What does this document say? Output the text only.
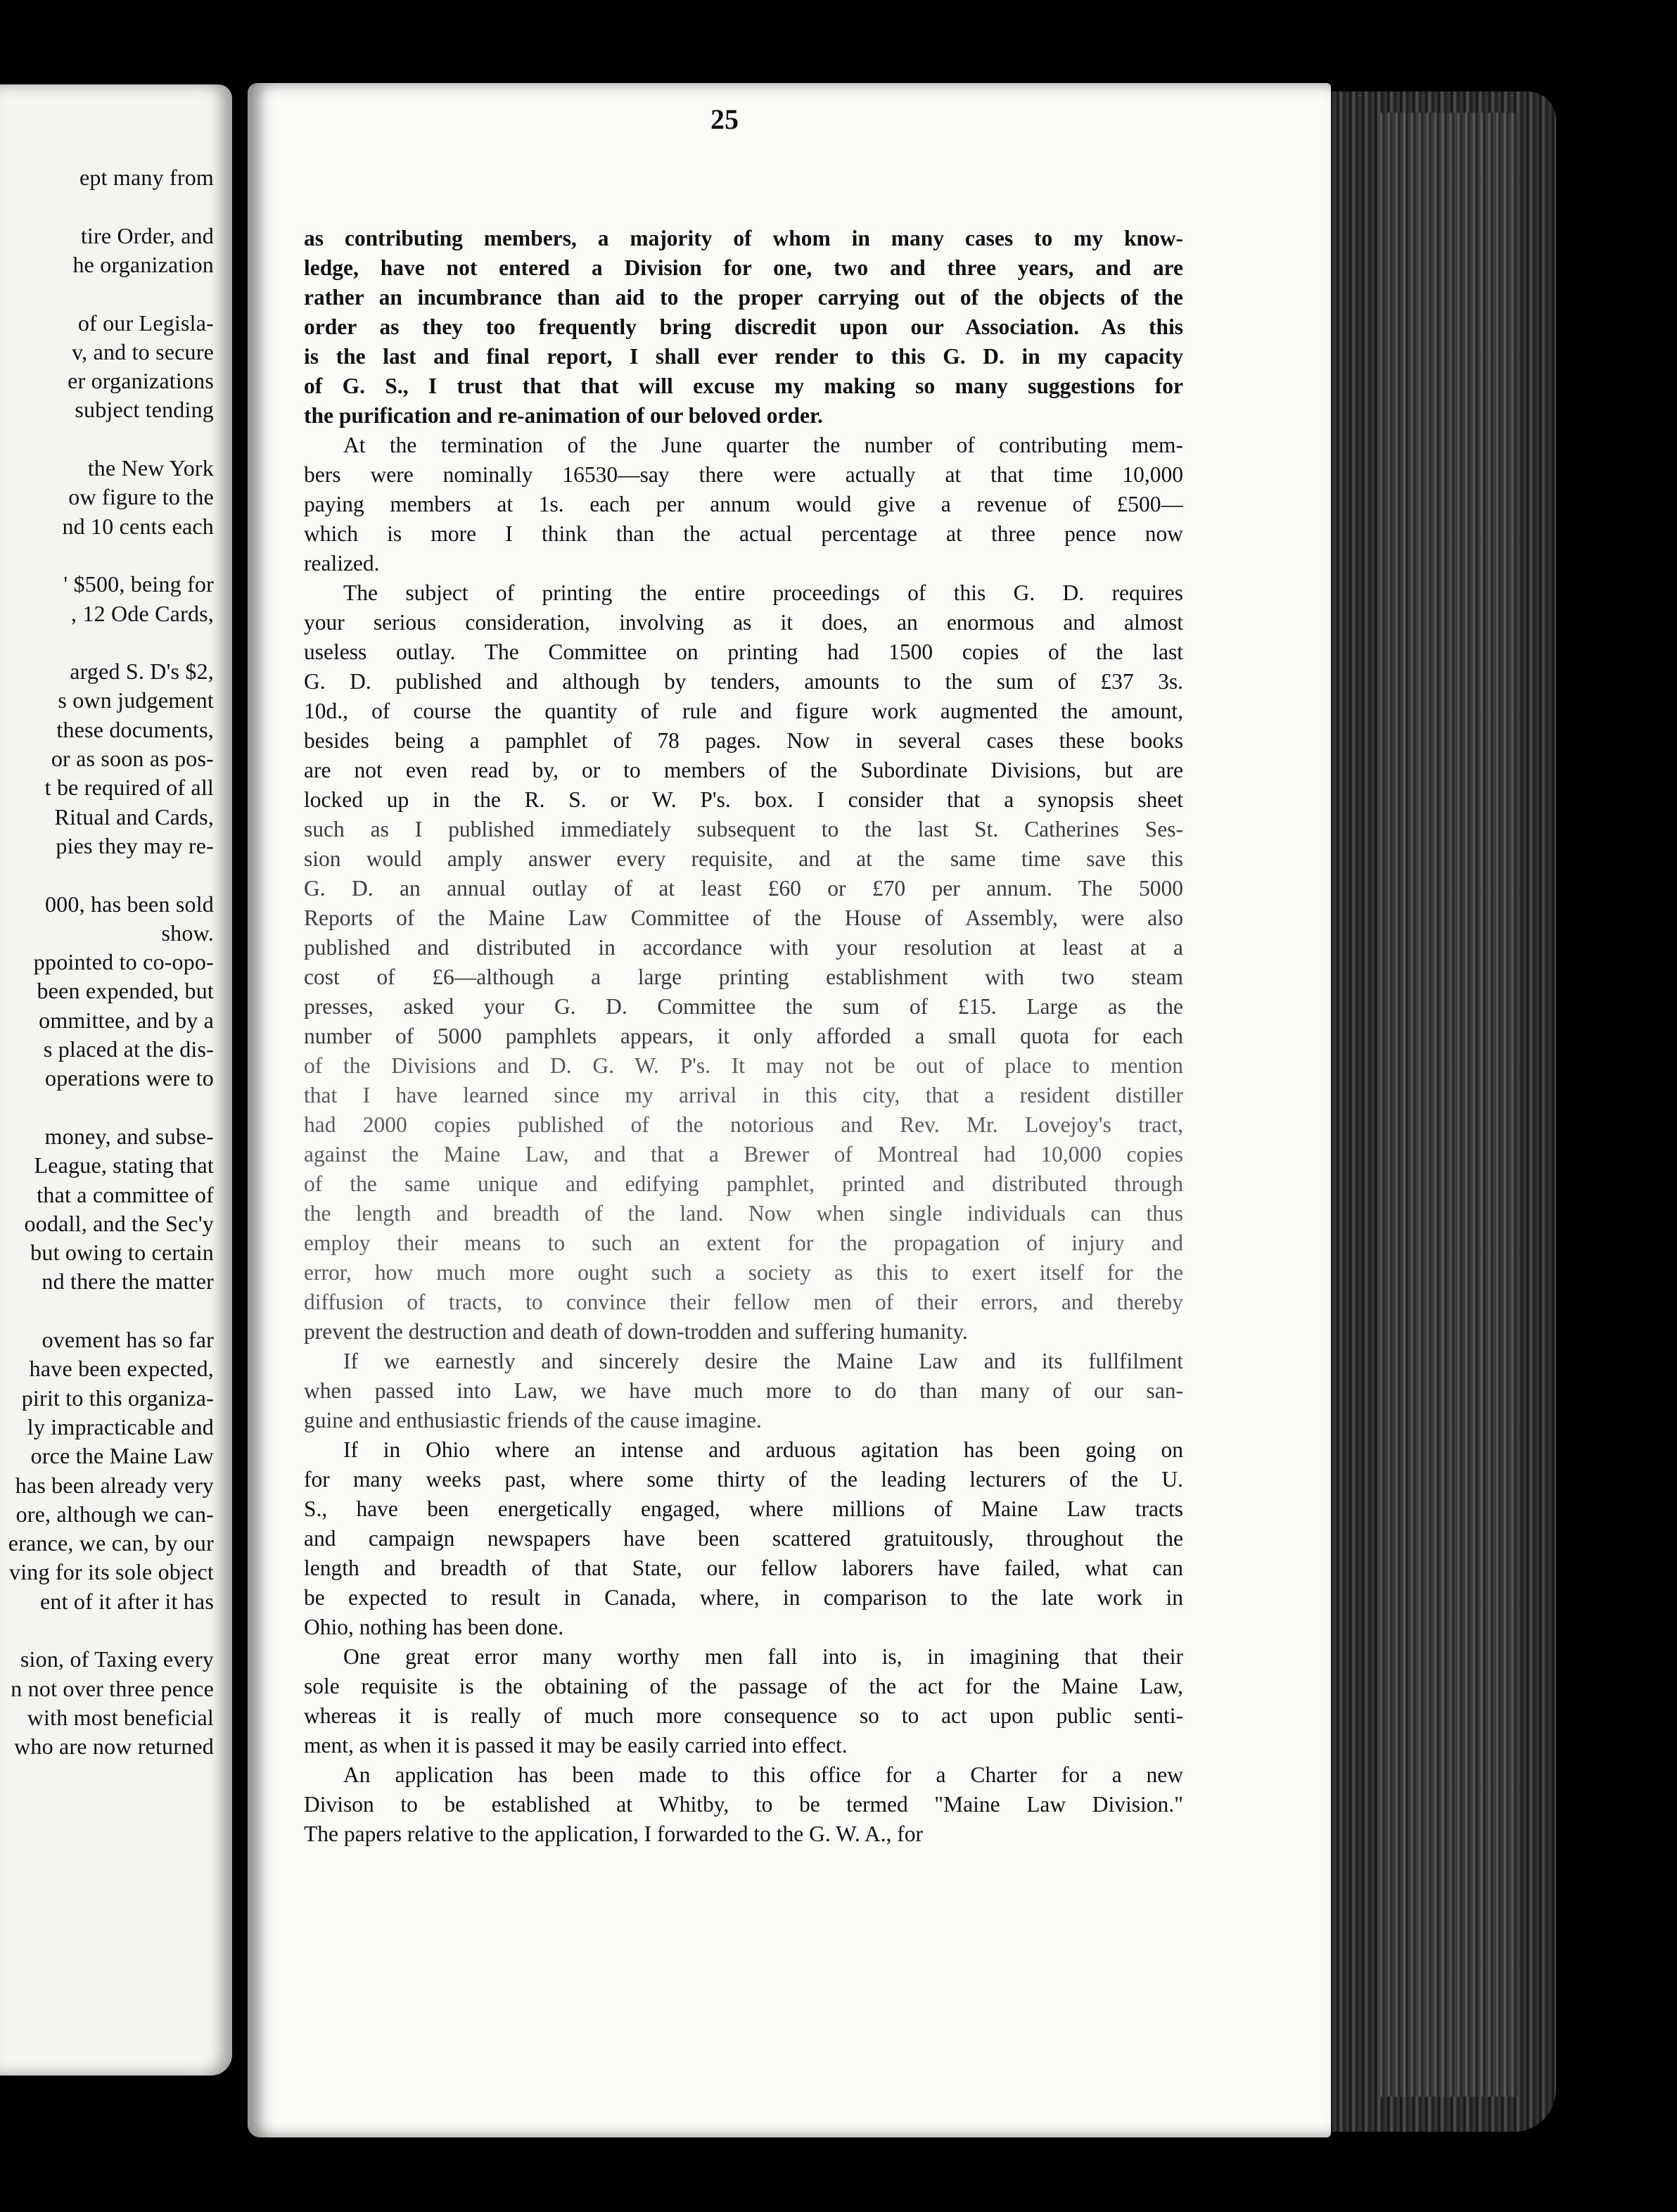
ept many from
tire Order, and
he organization
of our Legisla-
v, and to secure
er organizations
subject tending
the New York
ow figure to the
nd 10 cents each
' $500, being for
, 12 Ode Cards,
arged S. D's $2,
s own judgement
these documents,
or as soon as pos-
t be required of all
Ritual and Cards,
pies they may re-
000, has been sold
show.
ppointed to co-opo-
been expended, but
ommittee, and by a
s placed at the dis-
operations were to
money, and subse-
League, stating that
that a committee of
oodall, and the Sec'y
but owing to certain
nd there the matter
ovement has so far
have been expected,
pirit to this organiza-
ly impracticable and
orce the Maine Law
has been already very
ore, although we can-
erance, we can, by our
ving for its sole object
ent of it after it has
sion, of Taxing every
n not over three pence
with most beneficial
who are now returned
25
as contributing members, a majority of whom in many cases to my know-
ledge, have not entered a Division for one, two and three years, and are
rather an incumbrance than aid to the proper carrying out of the objects of the
order as they too frequently bring discredit upon our Association. As this
is the last and final report, I shall ever render to this G. D. in my capacity
of G. S., I trust that that will excuse my making so many suggestions for
the purification and re-animation of our beloved order.
At the termination of the June quarter the number of contributing mem-
bers were nominally 16530—say there were actually at that time 10,000
paying members at 1s. each per annum would give a revenue of £500—
which is more I think than the actual percentage at three pence now
realized.
The subject of printing the entire proceedings of this G. D. requires
your serious consideration, involving as it does, an enormous and almost
useless outlay. The Committee on printing had 1500 copies of the last
G. D. published and although by tenders, amounts to the sum of £37 3s.
10d., of course the quantity of rule and figure work augmented the amount,
besides being a pamphlet of 78 pages. Now in several cases these books
are not even read by, or to members of the Subordinate Divisions, but are
locked up in the R. S. or W. P's. box. I consider that a synopsis sheet
such as I published immediately subsequent to the last St. Catherines Ses-
sion would amply answer every requisite, and at the same time save this
G. D. an annual outlay of at least £60 or £70 per annum. The 5000
Reports of the Maine Law Committee of the House of Assembly, were also
published and distributed in accordance with your resolution at least at a
cost of £6—although a large printing establishment with two steam
presses, asked your G. D. Committee the sum of £15. Large as the
number of 5000 pamphlets appears, it only afforded a small quota for each
of the Divisions and D. G. W. P's. It may not be out of place to mention
that I have learned since my arrival in this city, that a resident distiller
had 2000 copies published of the notorious and Rev. Mr. Lovejoy's tract,
against the Maine Law, and that a Brewer of Montreal had 10,000 copies
of the same unique and edifying pamphlet, printed and distributed through
the length and breadth of the land. Now when single individuals can thus
employ their means to such an extent for the propagation of injury and
error, how much more ought such a society as this to exert itself for the
diffusion of tracts, to convince their fellow men of their errors, and thereby
prevent the destruction and death of down-trodden and suffering humanity.
If we earnestly and sincerely desire the Maine Law and its fullfilment
when passed into Law, we have much more to do than many of our san-
guine and enthusiastic friends of the cause imagine.
If in Ohio where an intense and arduous agitation has been going on
for many weeks past, where some thirty of the leading lecturers of the U.
S., have been energetically engaged, where millions of Maine Law tracts
and campaign newspapers have been scattered gratuitously, throughout the
length and breadth of that State, our fellow laborers have failed, what can
be expected to result in Canada, where, in comparison to the late work in
Ohio, nothing has been done.
One great error many worthy men fall into is, in imagining that their
sole requisite is the obtaining of the passage of the act for the Maine Law,
whereas it is really of much more consequence so to act upon public senti-
ment, as when it is passed it may be easily carried into effect.
An application has been made to this office for a Charter for a new
Divison to be established at Whitby, to be termed "Maine Law Division."
The papers relative to the application, I forwarded to the G. W. A., for
